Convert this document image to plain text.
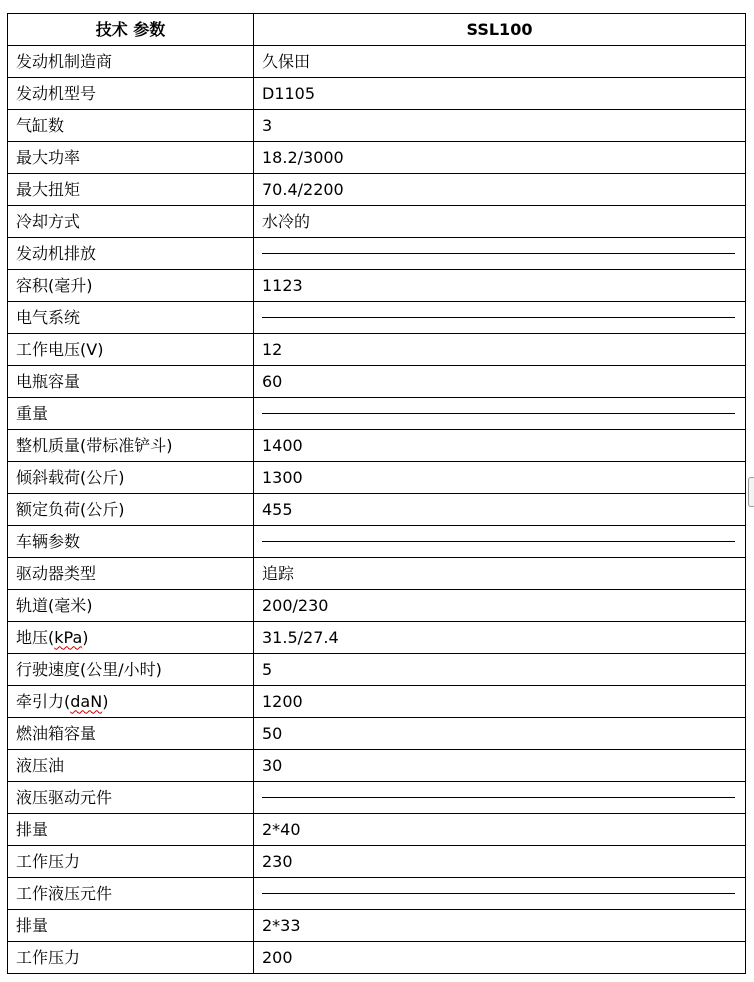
技术 参数	SSL100
发动机制造商	久保田
发动机型号	D1105
气缸数	3
最大功率	18.2/3000
最大扭矩	70.4/2200
冷却方式	水冷的
发动机排放	

容积(毫升)	1123
电气系统	

工作电压(V)	12
电瓶容量	60
重量	

整机质量(带标准铲斗)	1400
倾斜载荷(公斤)	1300
额定负荷(公斤)	455
车辆参数	

驱动器类型	追踪
轨道(毫米)	200/230
地压(kPa)	31.5/27.4
行驶速度(公里/小时)	5
牵引力(daN)	1200
燃油箱容量	50
液压油	30
液压驱动元件	

排量	2*40
工作压力	230
工作液压元件	

排量	2*33
工作压力	200
